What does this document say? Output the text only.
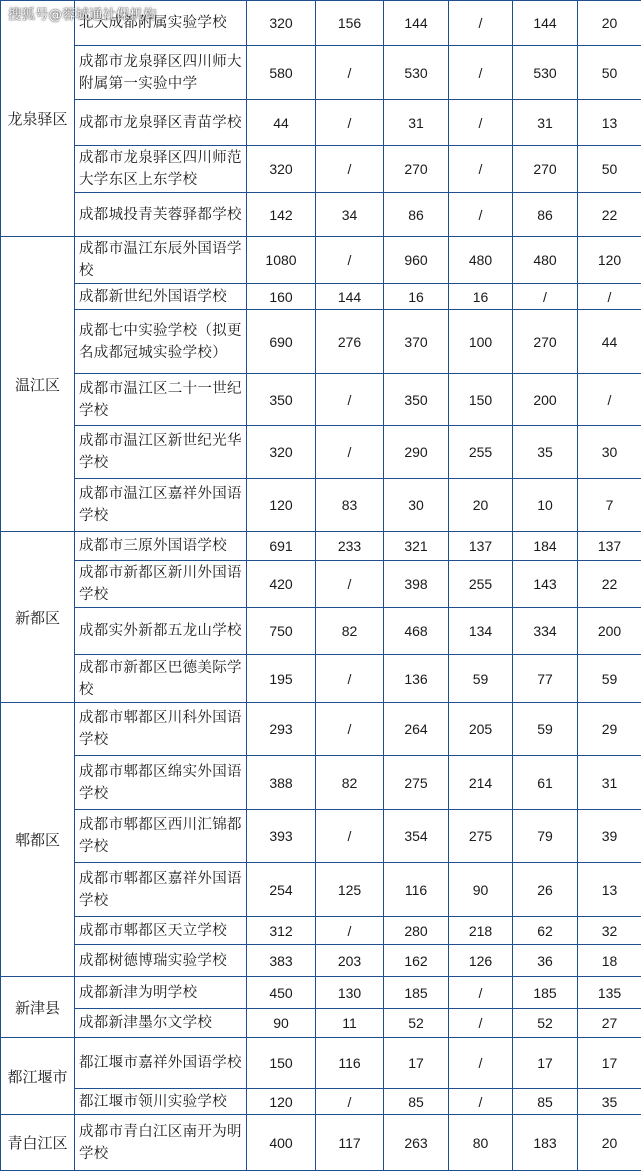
搜狐号@蓉城通社保机构
龙泉驿区	北大成都附属实验学校	320	156	144	/	144	20
	成都市龙泉驿区四川师大附属第一实验中学	580	/	530	/	530	50
	成都市龙泉驿区青苗学校	44	/	31	/	31	13
	成都市龙泉驿区四川师范大学东区上东学校	320	/	270	/	270	50
	成都城投青芙蓉驿都学校	142	34	86	/	86	22
温江区	成都市温江东辰外国语学校	1080	/	960	480	480	120
	成都新世纪外国语学校	160	144	16	16	/	/
	成都七中实验学校（拟更名成都冠城实验学校）	690	276	370	100	270	44
	成都市温江区二十一世纪学校	350	/	350	150	200	/
	成都市温江区新世纪光华学校	320	/	290	255	35	30
	成都市温江区嘉祥外国语学校	120	83	30	20	10	7
新都区	成都市三原外国语学校	691	233	321	137	184	137
	成都市新都区新川外国语学校	420	/	398	255	143	22
	成都实外新都五龙山学校	750	82	468	134	334	200
	成都市新都区巴德美际学校	195	/	136	59	77	59
郫都区	成都市郫都区川科外国语学校	293	/	264	205	59	29
	成都市郫都区绵实外国语学校	388	82	275	214	61	31
	成都市郫都区西川汇锦都学校	393	/	354	275	79	39
	成都市郫都区嘉祥外国语学校	254	125	116	90	26	13
	成都市郫都区天立学校	312	/	280	218	62	32
	成都树德博瑞实验学校	383	203	162	126	36	18
新津县	成都新津为明学校	450	130	185	/	185	135
	成都新津墨尔文学校	90	11	52	/	52	27
都江堰市	都江堰市嘉祥外国语学校	150	116	17	/	17	17
	都江堰市领川实验学校	120	/	85	/	85	35
青白江区	成都市青白江区南开为明学校	400	117	263	80	183	20
